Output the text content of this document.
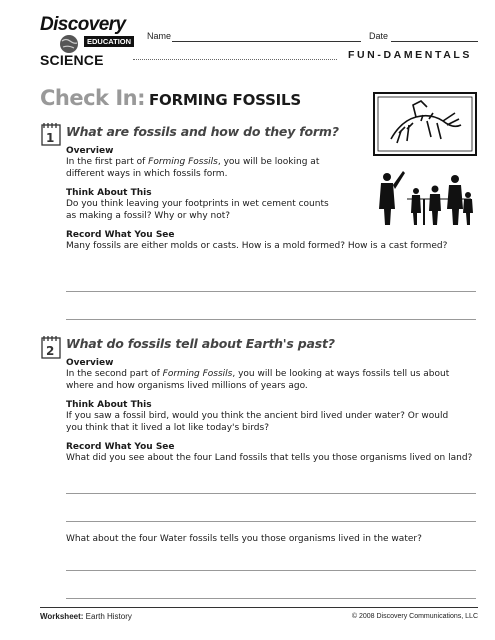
Discovery
EDUCATION
SCIENCE
Name	Date
FUN-DAMENTALS
Check In: FORMING FOSSILS
1 What are fossils and how do they form?
Overview
In the first part of Forming Fossils, you will be looking at
different ways in which fossils form.
Think About This
Do you think leaving your footprints in wet cement counts
as making a fossil? Why or why not?
Record What You See
Many fossils are either molds or casts. How is a mold formed? How is a cast formed?
2 What do fossils tell about Earth's past?
Overview
In the second part of Forming Fossils, you will be looking at ways fossils tell us about
where and how organisms lived millions of years ago.
Think About This
If you saw a fossil bird, would you think the ancient bird lived under water? Or would
you think that it lived a lot like today's birds?
Record What You See
What did you see about the four Land fossils that tells you those organisms lived on land?
What about the four Water fossils tells you those organisms lived in the water?
Worksheet: Earth History	© 2008 Discovery Communications, LLC
